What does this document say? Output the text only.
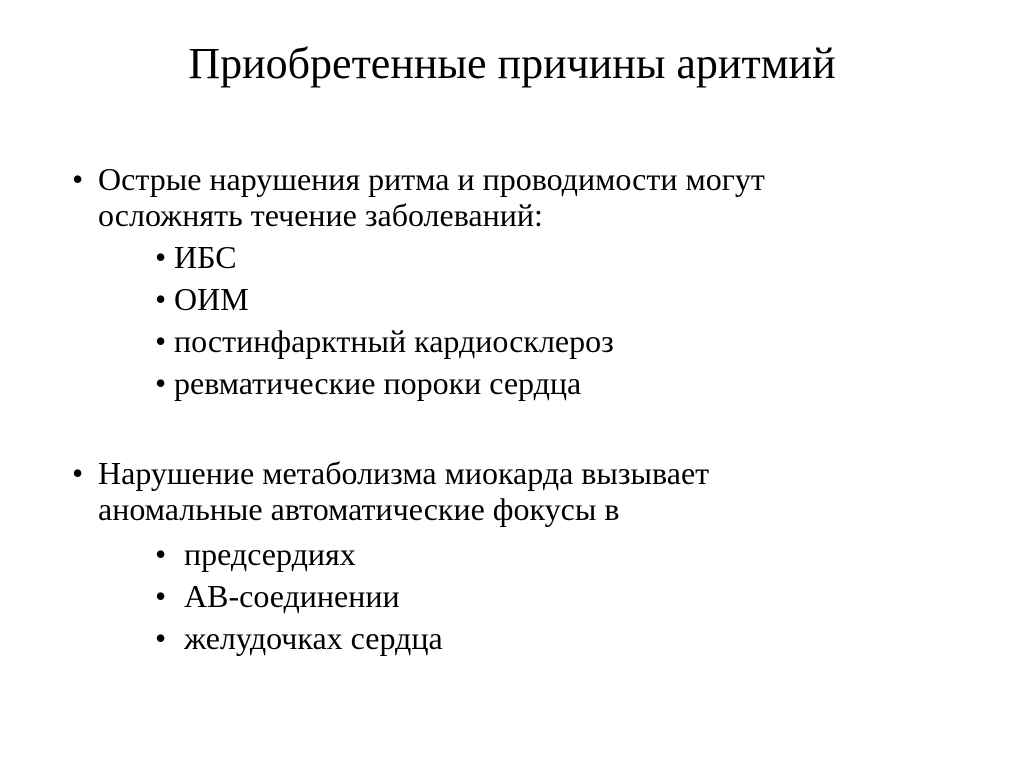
Приобретенные причины аритмий
• Острые нарушения ритма и проводимости могут
осложнять течение заболеваний:
• ИБС
• ОИМ
• постинфарктный кардиосклероз
• ревматические пороки сердца
• Нарушение метаболизма миокарда вызывает
аномальные автоматические фокусы в
• предсердиях
• АВ-соединении
• желудочках сердца
